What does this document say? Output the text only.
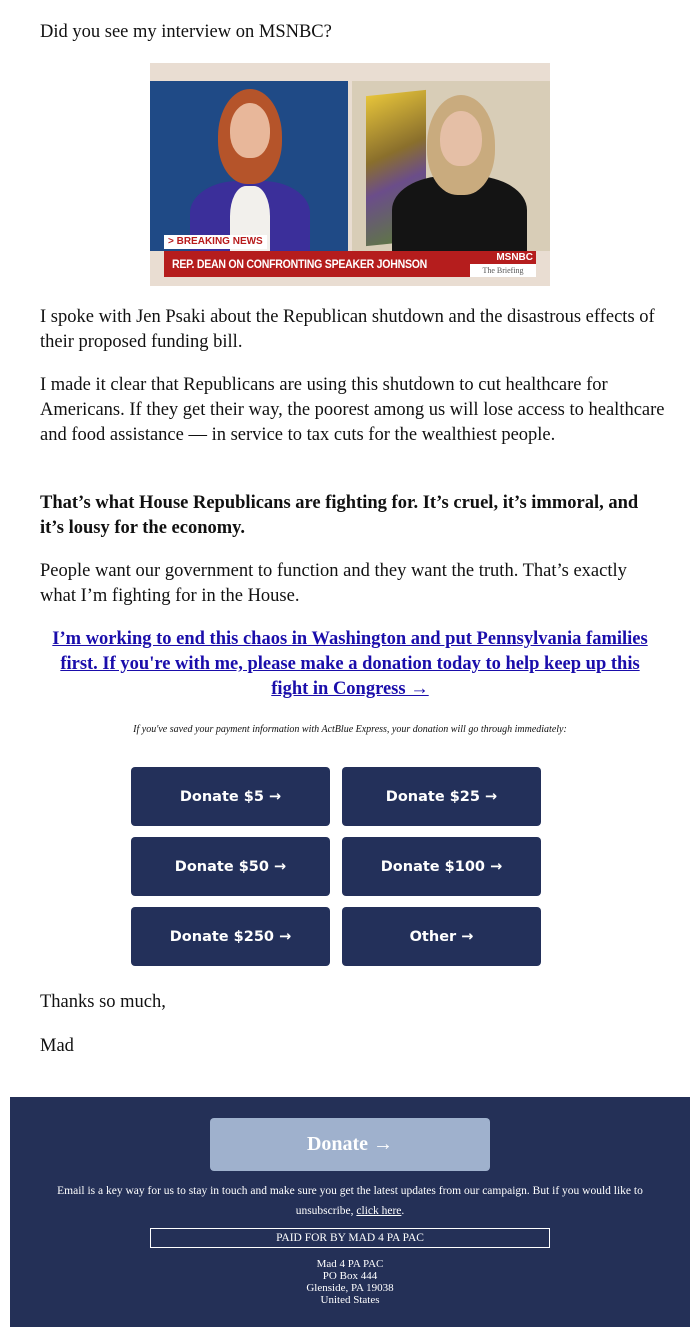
Did you see my interview on MSNBC?
> BREAKING NEWS
REP. DEAN ON CONFRONTING SPEAKER JOHNSON	MSNBC
The Briefing
I spoke with Jen Psaki about the Republican shutdown and the disastrous effects of their proposed funding bill.
I made it clear that Republicans are using this shutdown to cut healthcare for Americans. If they get their way, the poorest among us will lose access to healthcare and food assistance — in service to tax cuts for the wealthiest people.
That’s what House Republicans are fighting for. It’s cruel, it’s immoral, and it’s lousy for the economy.
People want our government to function and they want the truth. That’s exactly what I’m fighting for in the House.
I’m working to end this chaos in Washington and put Pennsylvania families first. If you're with me, please make a donation today to help keep up this fight in Congress →
If you've saved your payment information with ActBlue Express, your donation will go through immediately:
Donate $5 →	Donate $25 →
Donate $50 →	Donate $100 →
Donate $250 →	Other →
Thanks so much,
Mad
Donate →
Email is a key way for us to stay in touch and make sure you get the latest updates from our campaign. But if you would like to unsubscribe, click here.
PAID FOR BY MAD 4 PA PAC
Mad 4 PA PAC
PO Box 444
Glenside, PA 19038
United States
